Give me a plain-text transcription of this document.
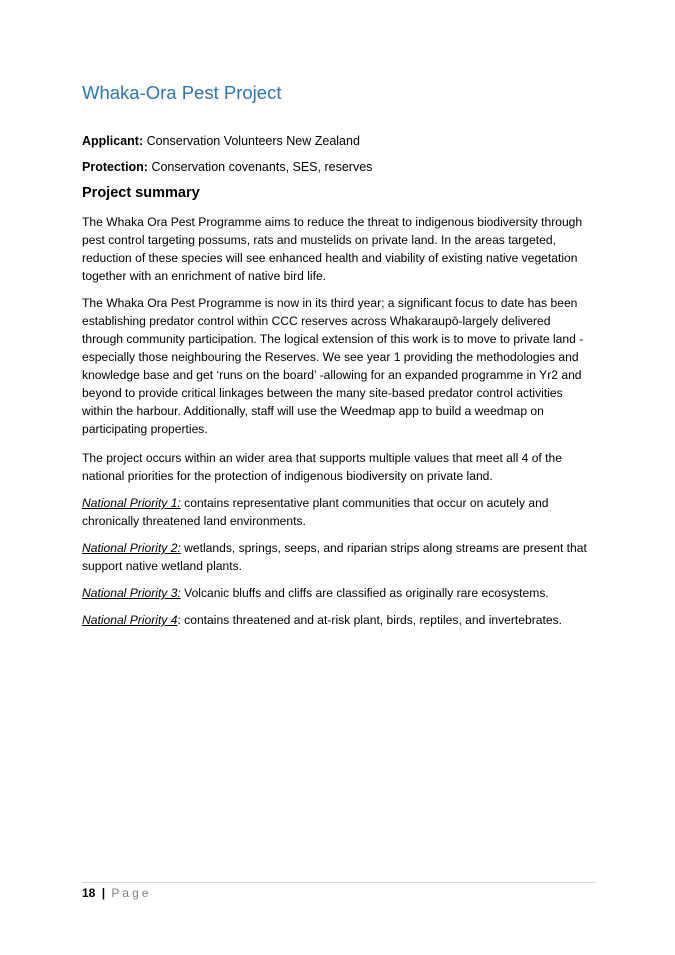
Whaka-Ora Pest Project
Applicant: Conservation Volunteers New Zealand
Protection: Conservation covenants, SES, reserves
Project summary

The Whaka Ora Pest Programme aims to reduce the threat to indigenous biodiversity through pest control targeting possums, rats and mustelids on private land. In the areas targeted, reduction of these species will see enhanced health and viability of existing native vegetation together with an enrichment of native bird life.

The Whaka Ora Pest Programme is now in its third year; a significant focus to date has been establishing predator control within CCC reserves across Whakaraupō-largely delivered through community participation. The logical extension of this work is to move to private land -especially those neighbouring the Reserves. We see year 1 providing the methodologies and knowledge base and get ‘runs on the board’ -allowing for an expanded programme in Yr2 and beyond to provide critical linkages between the many site-based predator control activities within the harbour. Additionally, staff will use the Weedmap app to build a weedmap on participating properties.

The project occurs within an wider area that supports multiple values that meet all 4 of the national priorities for the protection of indigenous biodiversity on private land.

National Priority 1: contains representative plant communities that occur on acutely and chronically threatened land environments.

National Priority 2: wetlands, springs, seeps, and riparian strips along streams are present that support native wetland plants.

National Priority 3: Volcanic bluffs and cliffs are classified as originally rare ecosystems.

National Priority 4: contains threatened and at-risk plant, birds, reptiles, and invertebrates.

18 | Page
